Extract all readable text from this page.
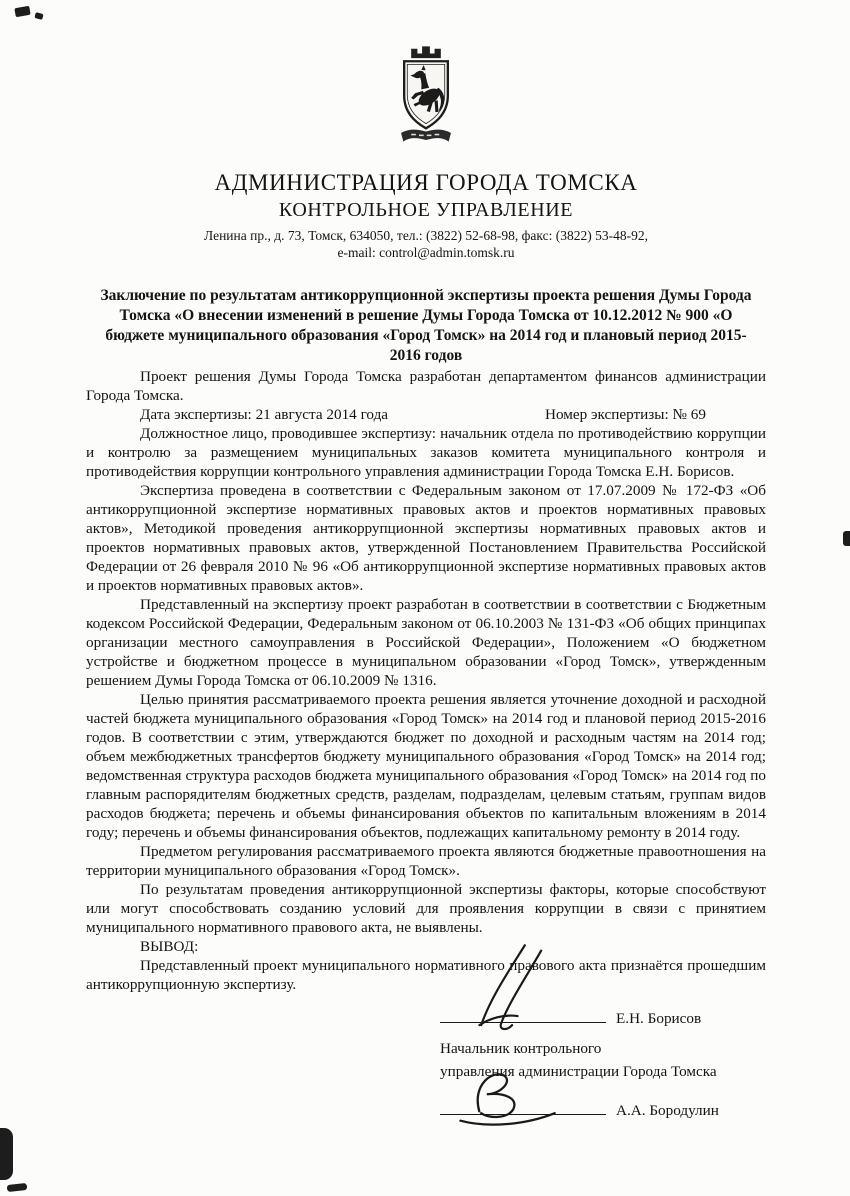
АДМИНИСТРАЦИЯ ГОРОДА ТОМСКА
КОНТРОЛЬНОЕ УПРАВЛЕНИЕ
Ленина пр., д. 73, Томск, 634050, тел.: (3822) 52-68-98, факс: (3822) 53-48-92,
e-mail: control@admin.tomsk.ru
Заключение по результатам антикоррупционной экспертизы проекта решения Думы Города Томска «О внесении изменений в решение Думы Города Томска от 10.12.2012 № 900 «О бюджете муниципального образования «Город Томск» на 2014 год и плановый период 2015-2016 годов

Проект решения Думы Города Томска разработан департаментом финансов администрации Города Томска.

Дата экспертизы: 21 августа 2014 года	Номер экспертизы: № 69

Должностное лицо, проводившее экспертизу: начальник отдела по противодействию коррупции и контролю за размещением муниципальных заказов комитета муниципального контроля и противодействия коррупции контрольного управления администрации Города Томска Е.Н. Борисов.

Экспертиза проведена в соответствии с Федеральным законом от 17.07.2009 № 172-ФЗ «Об антикоррупционной экспертизе нормативных правовых актов и проектов нормативных правовых актов», Методикой проведения антикоррупционной экспертизы нормативных правовых актов и проектов нормативных правовых актов, утвержденной Постановлением Правительства Российской Федерации от 26 февраля 2010 № 96 «Об антикоррупционной экспертизе нормативных правовых актов и проектов нормативных правовых актов».

Представленный на экспертизу проект разработан в соответствии в соответствии с Бюджетным кодексом Российской Федерации, Федеральным законом от 06.10.2003 № 131-ФЗ «Об общих принципах организации местного самоуправления в Российской Федерации», Положением «О бюджетном устройстве и бюджетном процессе в муниципальном образовании «Город Томск», утвержденным решением Думы Города Томска от 06.10.2009 № 1316.

Целью принятия рассматриваемого проекта решения является уточнение доходной и расходной частей бюджета муниципального образования «Город Томск» на 2014 год и плановой период 2015-2016 годов. В соответствии с этим, утверждаются бюджет по доходной и расходным частям на 2014 год; объем межбюджетных трансфертов бюджету муниципального образования «Город Томск» на 2014 год; ведомственная структура расходов бюджета муниципального образования «Город Томск» на 2014 год по главным распорядителям бюджетных средств, разделам, подразделам, целевым статьям, группам видов расходов бюджета; перечень и объемы финансирования объектов по капитальным вложениям в 2014 году; перечень и объемы финансирования объектов, подлежащих капитальному ремонту в 2014 году.

Предметом регулирования рассматриваемого проекта являются бюджетные правоотношения на территории муниципального образования «Город Томск».

По результатам проведения антикоррупционной экспертизы факторы, которые способствуют или могут способствовать созданию условий для проявления коррупции в связи с принятием муниципального нормативного правового акта, не выявлены.

ВЫВОД:

Представленный проект муниципального нормативного правового акта признаётся прошедшим антикоррупционную экспертизу.

Е.Н. Борисов
Начальник контрольного
управления администрации Города Томска
А.А. Бородулин
